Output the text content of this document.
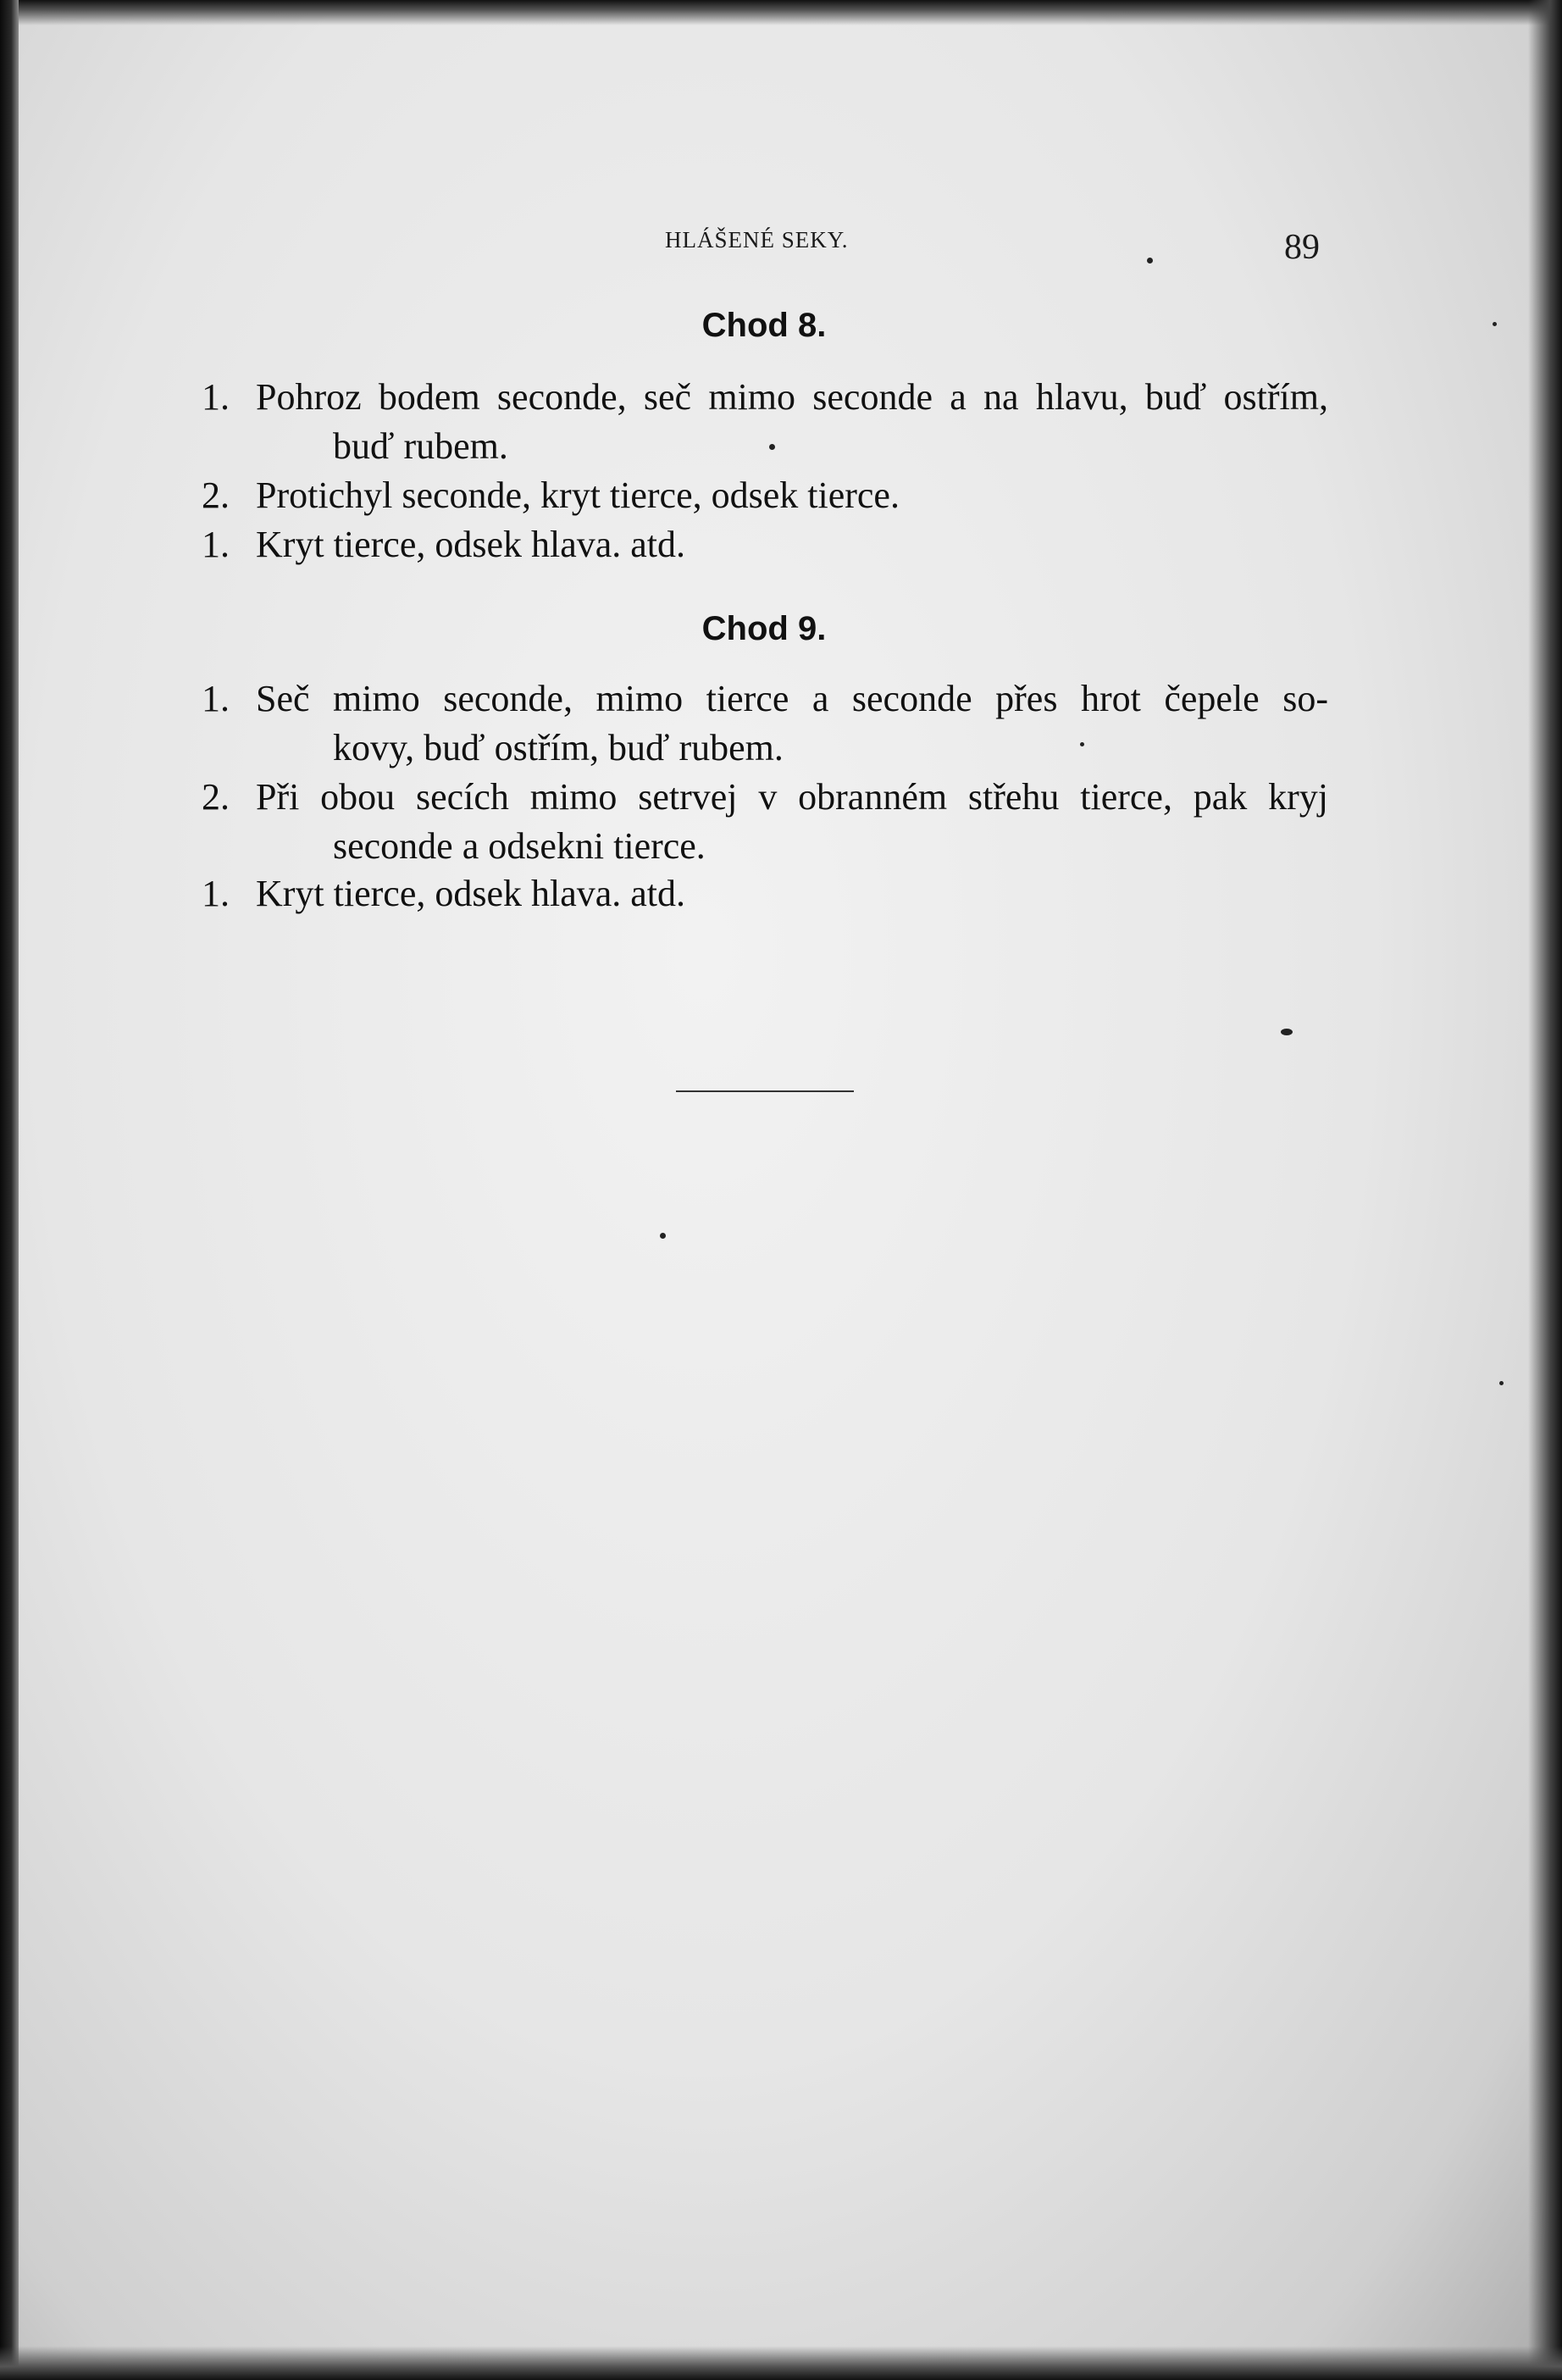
HLÁŠENÉ SEKY.	89
Chod 8.
1. Pohroz bodem seconde, seč mimo seconde a na hlavu, buď ostřím,
buď rubem.
2. Protichyl seconde, kryt tierce, odsek tierce.
1. Kryt tierce, odsek hlava. atd.
Chod 9.
1. Seč mimo seconde, mimo tierce a seconde přes hrot čepele so-
kovy, buď ostřím, buď rubem.
2. Při obou secích mimo setrvej v obranném střehu tierce, pak kryj
seconde a odsekni tierce.
1. Kryt tierce, odsek hlava. atd.
